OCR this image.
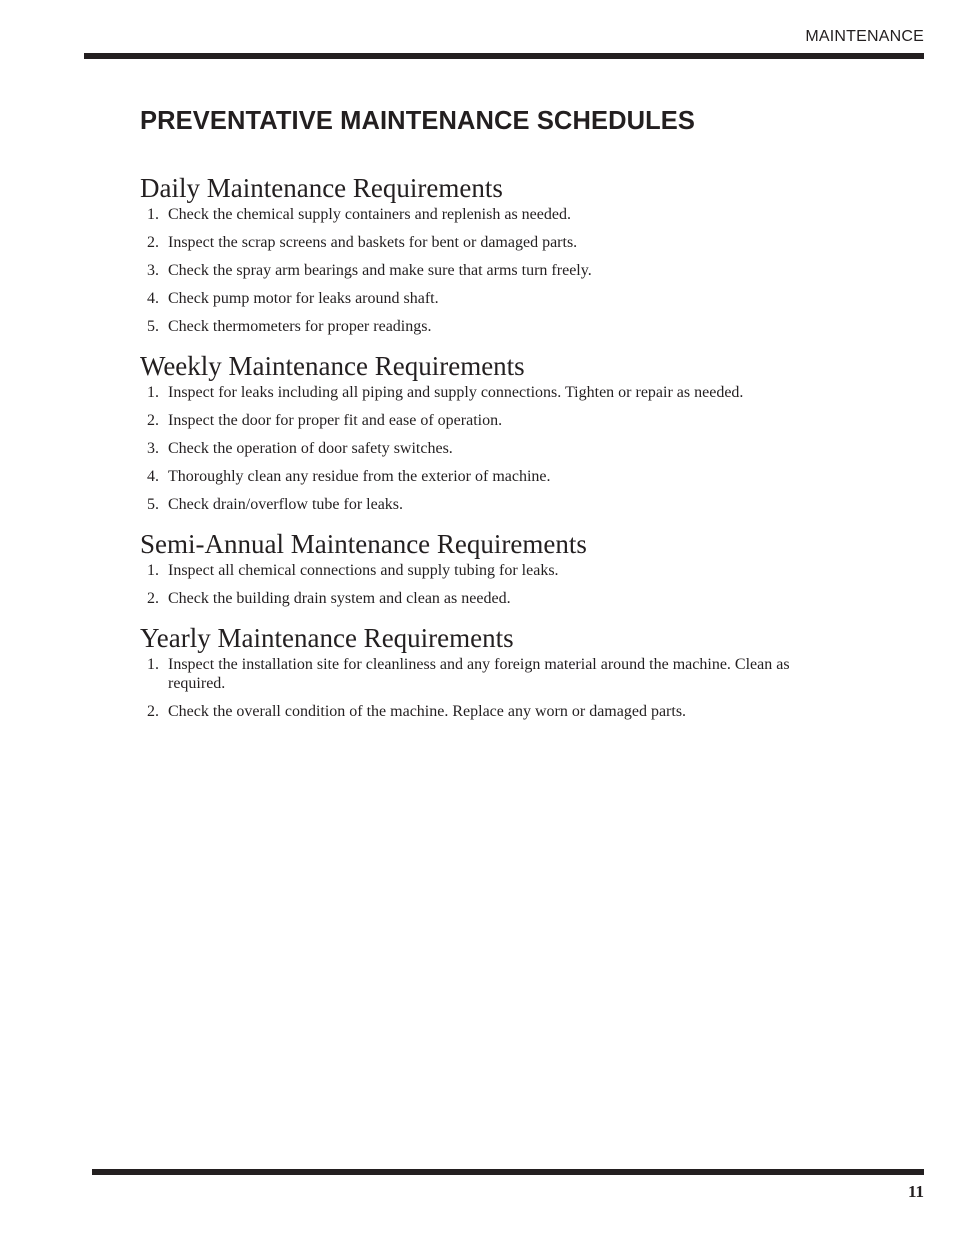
MAINTENANCE
PREVENTATIVE MAINTENANCE SCHEDULES
Daily Maintenance Requirements
1. Check the chemical supply containers and replenish as needed.
2. Inspect the scrap screens and baskets for bent or damaged parts.
3. Check the spray arm bearings and make sure that arms turn freely.
4. Check pump motor for leaks around shaft.
5. Check thermometers for proper readings.
Weekly Maintenance Requirements
1. Inspect for leaks including all piping and supply connections. Tighten or repair as needed.
2. Inspect the door for proper fit and ease of operation.
3. Check the operation of door safety switches.
4. Thoroughly clean any residue from the exterior of machine.
5. Check drain/overflow tube for leaks.
Semi-Annual Maintenance Requirements
1. Inspect all chemical connections and supply tubing for leaks.
2. Check the building drain system and clean as needed.
Yearly Maintenance Requirements
1. Inspect the installation site for cleanliness and any foreign material around the machine. Clean as required.
2. Check the overall condition of the machine. Replace any worn or damaged parts.
11
